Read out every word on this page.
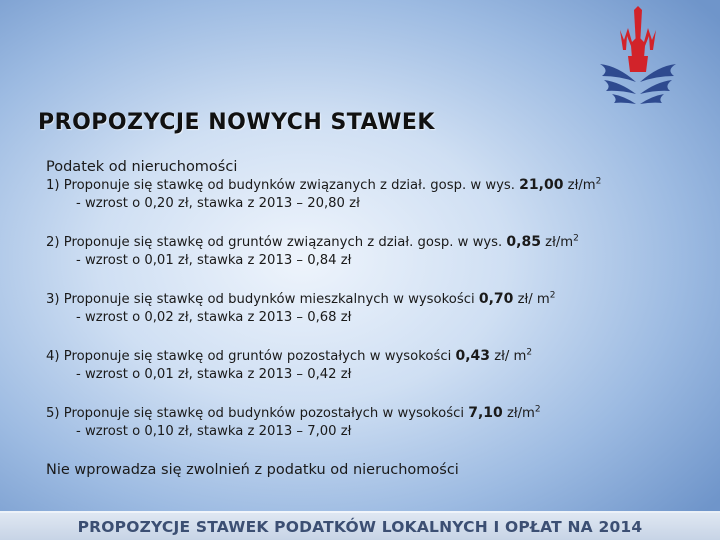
PROPOZYCJE NOWYCH STAWEK
Podatek od nieruchomości
1) Proponuje się stawkę od budynków związanych z dział. gosp. w wys. 21,00 $zł/m^2$
- wzrost o 0,20 zł, stawka z 2013 – 20,80 zł
2) Proponuje się stawkę od gruntów związanych z dział. gosp. w wys. 0,85 $zł/m^2$
- wzrost o 0,01 zł, stawka z 2013 – 0,84 zł
3) Proponuje się stawkę od budynków mieszkalnych w wysokości 0,70 zł/ $m^2$
- wzrost o 0,02 zł, stawka z 2013 – 0,68 zł
4) Proponuje się stawkę od gruntów pozostałych w wysokości 0,43 zł/ $m^2$
- wzrost o 0,01 zł, stawka z 2013 – 0,42 zł
5) Proponuje się stawkę od budynków pozostałych w wysokości 7,10 $zł/m^2$
- wzrost o 0,10 zł, stawka z 2013 – 7,00 zł
Nie wprowadza się zwolnień z podatku od nieruchomości
PROPOZYCJE STAWEK PODATKÓW LOKALNYCH I OPŁAT NA 2014
